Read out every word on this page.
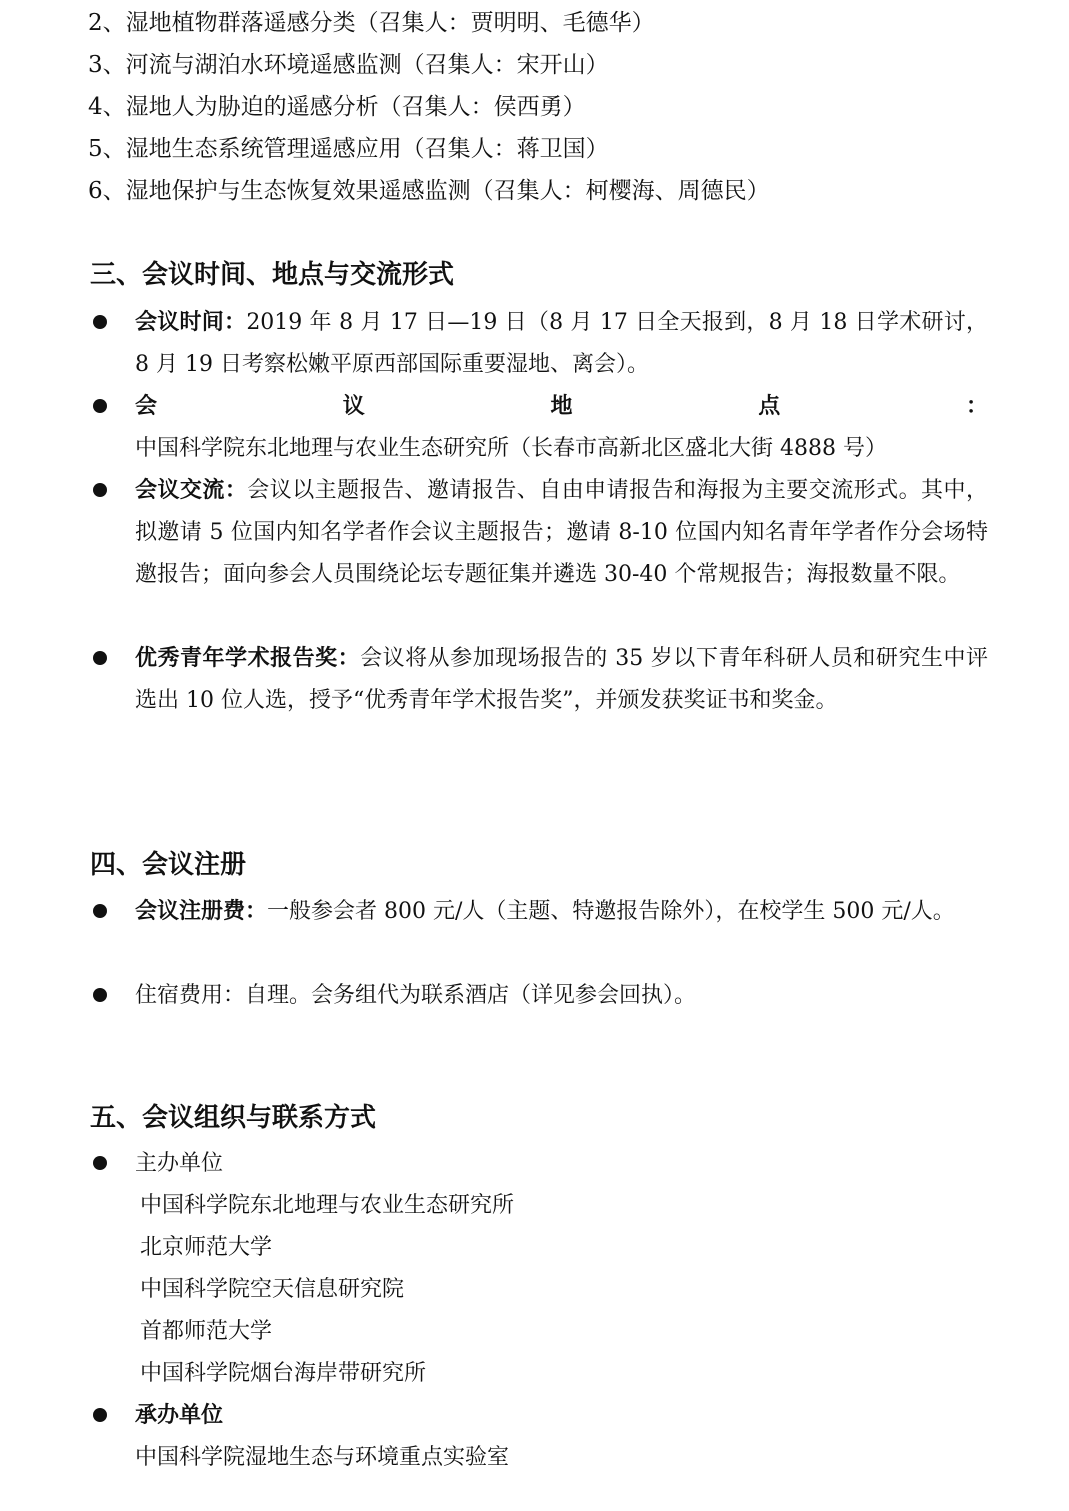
2、湿地植物群落遥感分类（召集人：贾明明、毛德华）
3、河流与湖泊水环境遥感监测（召集人：宋开山）
4、湿地人为胁迫的遥感分析（召集人：侯西勇）
5、湿地生态系统管理遥感应用（召集人：蒋卫国）
6、湿地保护与生态恢复效果遥感监测（召集人：柯樱海、周德民）
三、会议时间、地点与交流形式
会议时间：2019 年 8 月 17 日—19 日（8 月 17 日全天报到，8 月 18 日学术研讨，8 月 19 日考察松嫩平原西部国际重要湿地、离会）。
会议地点：中国科学院东北地理与农业生态研究所（长春市高新北区盛北大街 4888 号）
会议交流：会议以主题报告、邀请报告、自由申请报告和海报为主要交流形式。其中，拟邀请 5 位国内知名学者作会议主题报告；邀请 8-10 位国内知名青年学者作分会场特邀报告；面向参会人员围绕论坛专题征集并遴选 30-40 个常规报告；海报数量不限。
优秀青年学术报告奖：会议将从参加现场报告的 35 岁以下青年科研人员和研究生中评选出 10 位人选，授予“优秀青年学术报告奖”，并颁发获奖证书和奖金。
四、会议注册
会议注册费：一般参会者 800 元/人（主题、特邀报告除外），在校学生 500 元/人。
住宿费用：自理。会务组代为联系酒店（详见参会回执）。
五、会议组织与联系方式
主办单位
中国科学院东北地理与农业生态研究所
北京师范大学
中国科学院空天信息研究院
首都师范大学
中国科学院烟台海岸带研究所
承办单位
中国科学院湿地生态与环境重点实验室
